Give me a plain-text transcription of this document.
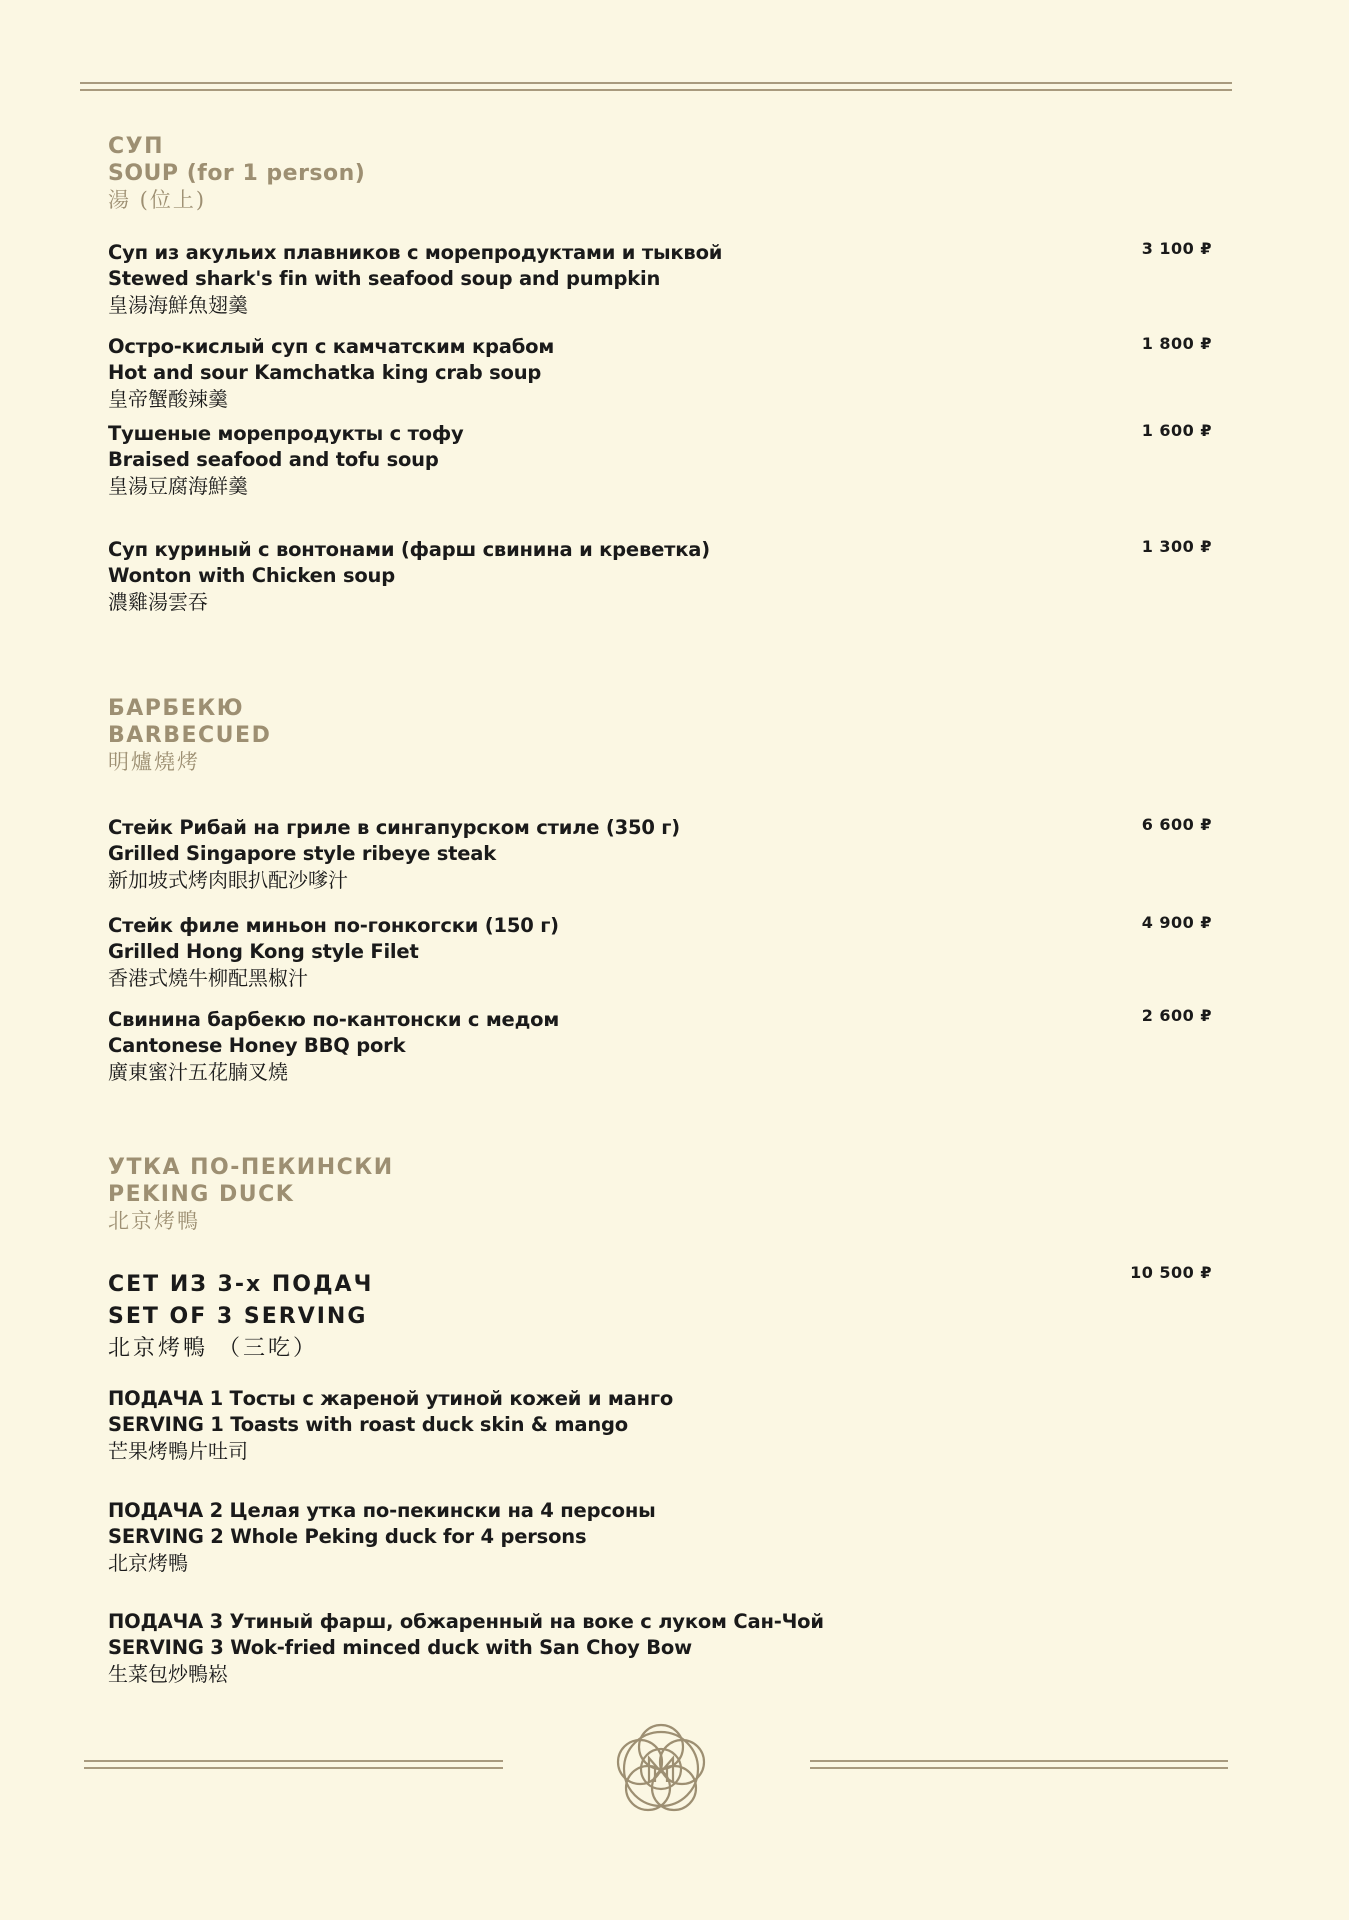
СУП
SOUP (for 1 person)
湯 (位上)
Суп из акульих плавников с морепродуктами и тыквой
Stewed shark's fin with seafood soup and pumpkin
皇湯海鮮魚翅羹
3 100 ₽
Остро-кислый суп с камчатским крабом
Hot and sour Kamchatka king crab soup
皇帝蟹酸辣羹
1 800 ₽
Тушеные морепродукты с тофу
Braised seafood and tofu soup
皇湯豆腐海鮮羹
1 600 ₽
Суп куриный с вонтонами (фарш свинина и креветка)
Wonton with Chicken soup
濃雞湯雲吞
1 300 ₽
БАРБЕКЮ
BARBECUED
明爐燒烤
Стейк Рибай на гриле в сингапурском стиле (350 г)
Grilled Singapore style ribeye steak
新加坡式烤肉眼扒配沙嗲汁
6 600 ₽
Стейк филе миньон по-гонкогски (150 г)
Grilled Hong Kong style Filet
香港式燒牛柳配黑椒汁
4 900 ₽
Свинина барбекю по-кантонски с медом
Cantonese Honey BBQ pork
廣東蜜汁五花腩叉燒
2 600 ₽
УТКА ПО-ПЕКИНСКИ
PEKING DUCK
北京烤鴨
СЕТ ИЗ 3-х ПОДАЧ
SET OF 3 SERVING
北京烤鴨 （三吃）
10 500 ₽
ПОДАЧА 1 Тосты с жареной утиной кожей и манго
SERVING 1 Toasts with roast duck skin & mango
芒果烤鴨片吐司
ПОДАЧА 2 Целая утка по-пекински на 4 персоны
SERVING 2 Whole Peking duck for 4 persons
北京烤鴨
ПОДАЧА 3 Утиный фарш, обжаренный на воке с луком Сан-Чой
SERVING 3 Wok-fried minced duck with San Choy Bow
生菜包炒鴨崧
